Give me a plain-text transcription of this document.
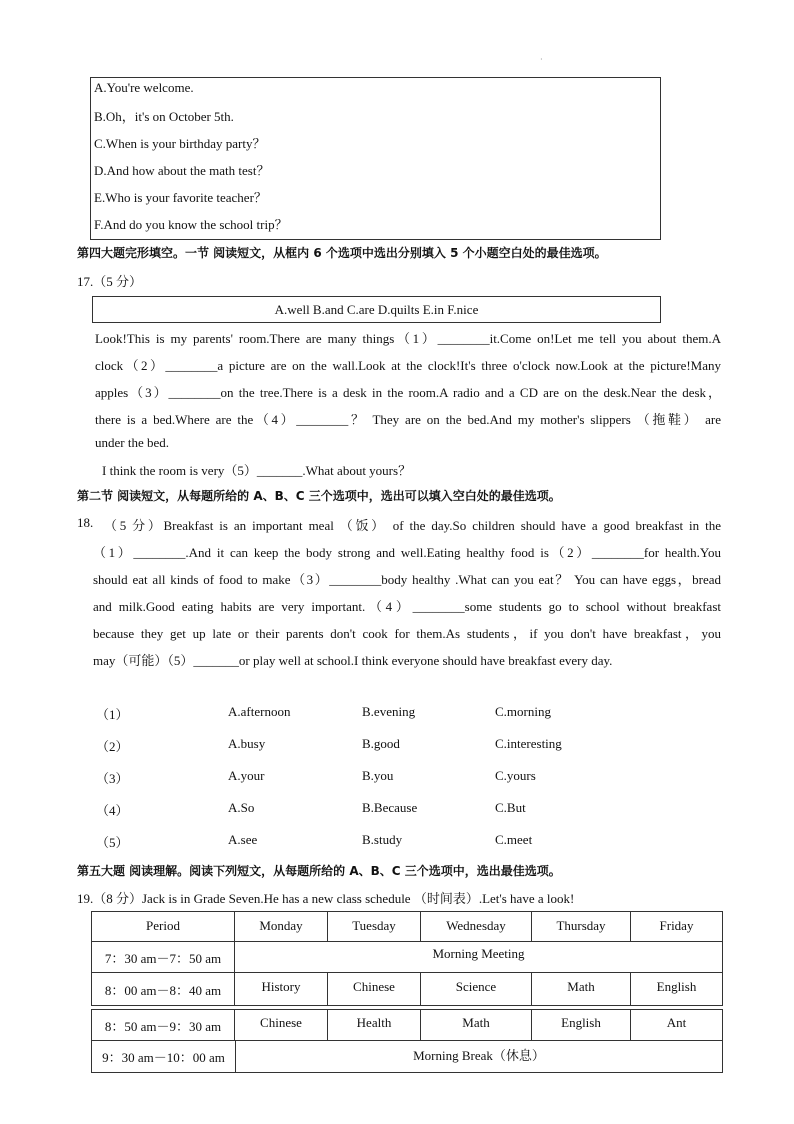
·
A.You're welcome.
B.Oh，it's on October 5th.
C.When is your birthday party？
D.And how about the math test？
E.Who is your favorite teacher？
F.And do you know the school trip？
第四大题完形填空。一节 阅读短文，从框内 6 个选项中选出分别填入 5 个小题空白处的最佳选项。
17.（5 分）
A.well B.and C.are D.quilts E.in F.nice
Look!This is my parents' room.There are many things（1）________it.Come on!Let me tell you about them.A
clock（2）________a picture are on the wall.Look at the clock!It's three o'clock now.Look at the picture!Many
apples（3）________on the tree.There is a desk in the room.A radio and a CD are on the desk.Near the desk，
there is a bed.Where are the（4）________？ They are on the bed.And my mother's slippers （拖鞋） are
under the bed.
I think the room is very（5）_______.What about yours？
第二节 阅读短文，从每题所给的 A、B、C 三个选项中，选出可以填入空白处的最佳选项。
18. （5 分）Breakfast is an important meal （饭） of the day.So children should have a good breakfast in the
（1）________.And it can keep the body strong and well.Eating healthy food is（2）________for health.You
should eat all kinds of food to make（3）________body healthy .What can you eat？ You can have eggs，bread
and milk.Good eating habits are very important.（4）________some students go to school without breakfast
because they get up late or their parents don't cook for them.As students，if you don't have breakfast，you
may（可能）（5）_______or play well at school.I think everyone should have breakfast every day.
（1）	A.afternoon	B.evening	C.morning
（2）	A.busy	B.good	C.interesting
（3）	A.your	B.you	C.yours
（4）	A.So	B.Because	C.But
（5）	A.see	B.study	C.meet
第五大题 阅读理解。阅读下列短文，从每题所给的 A、B、C 三个选项中，选出最佳选项。
19.（8 分）Jack is in Grade Seven.He has a new class schedule （时间表）.Let's have a look!
Period	Monday	Tuesday	Wednesday	Thursday	Friday
7：30 am－7：50 am	Morning Meeting
8：00 am－8：40 am	History	Chinese	Science	Math	English
8：50 am－9：30 am	Chinese	Health	Math	English	Ant
9：30 am－10：00 am	Morning Break（休息）
